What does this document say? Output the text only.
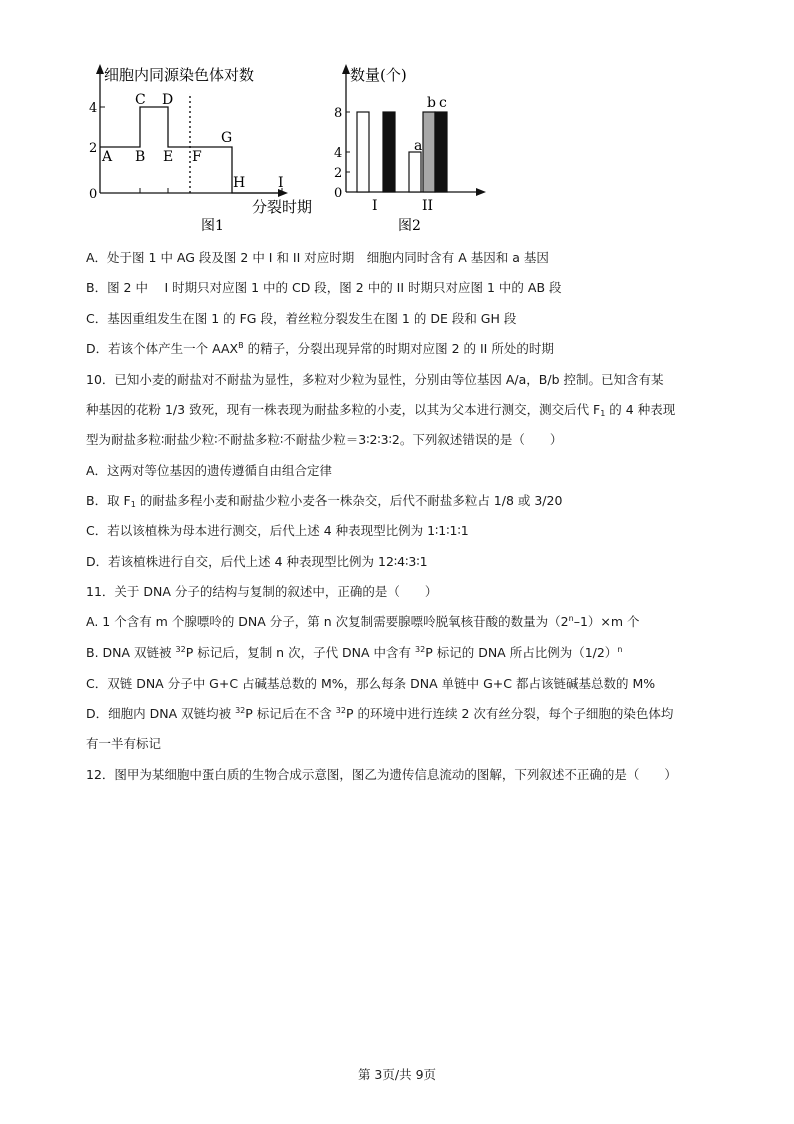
细胞内同源染色体对数
4
2
0
C D
A B E F
G
H I
分裂时期
图1
数量(个)
8
4
2
0
a
b c
I	II
图2
A．处于图 1 中 AG 段及图 2 中 I 和 II 对应时期　细胞内同时含有 A 基因和 a 基因
B．图 2 中　 I 时期只对应图 1 中的 CD 段，图 2 中的 II 时期只对应图 1 中的 AB 段
C．基因重组发生在图 1 的 FG 段，着丝粒分裂发生在图 1 的 DE 段和 GH 段
D．若该个体产生一个 $AAX^B$ 的精子，分裂出现异常的时期对应图 2 的 II 所处的时期
10．已知小麦的耐盐对不耐盐为显性，多粒对少粒为显性，分别由等位基因 A/a，B/b 控制。已知含有某
种基因的花粉 1/3 致死，现有一株表现为耐盐多粒的小麦，以其为父本进行测交，测交后代 $F_1$ 的 4 种表现
型为耐盐多粒∶耐盐少粒∶不耐盐多粒∶不耐盐少粒＝3∶2∶3∶2。下列叙述错误的是（　　）
A．这两对等位基因的遗传遵循自由组合定律
B．取 $F_1$ 的耐盐多程小麦和耐盐少粒小麦各一株杂交，后代不耐盐多粒占 1/8 或 3/20
C．若以该植株为母本进行测交，后代上述 4 种表现型比例为 1∶1∶1∶1
D．若该植株进行自交，后代上述 4 种表现型比例为 12∶4∶3∶1
11．关于 DNA 分子的结构与复制的叙述中，正确的是（　　）
A. 1 个含有 m 个腺嘌呤的 DNA 分子，第 n 次复制需要腺嘌呤脱氧核苷酸的数量为$(2^n-1)\times m$ 个
B. DNA 双链被 $^{32}$P 标记后，复制 n 次，子代 DNA 中含有 $^{32}$P 标记的 DNA 所占比例为$(1/2)^n$
C．双链 DNA 分子中 G+C 占碱基总数的 M%，那么每条 DNA 单链中 G+C 都占该链碱基总数的 M%
D．细胞内 DNA 双链均被 $^{32}$P 标记后在不含 $^{32}$P 的环境中进行连续 2 次有丝分裂，每个子细胞的染色体均
有一半有标记
12．图甲为某细胞中蛋白质的生物合成示意图，图乙为遗传信息流动的图解，下列叙述不正确的是（　　）
第 3页/共 9页
